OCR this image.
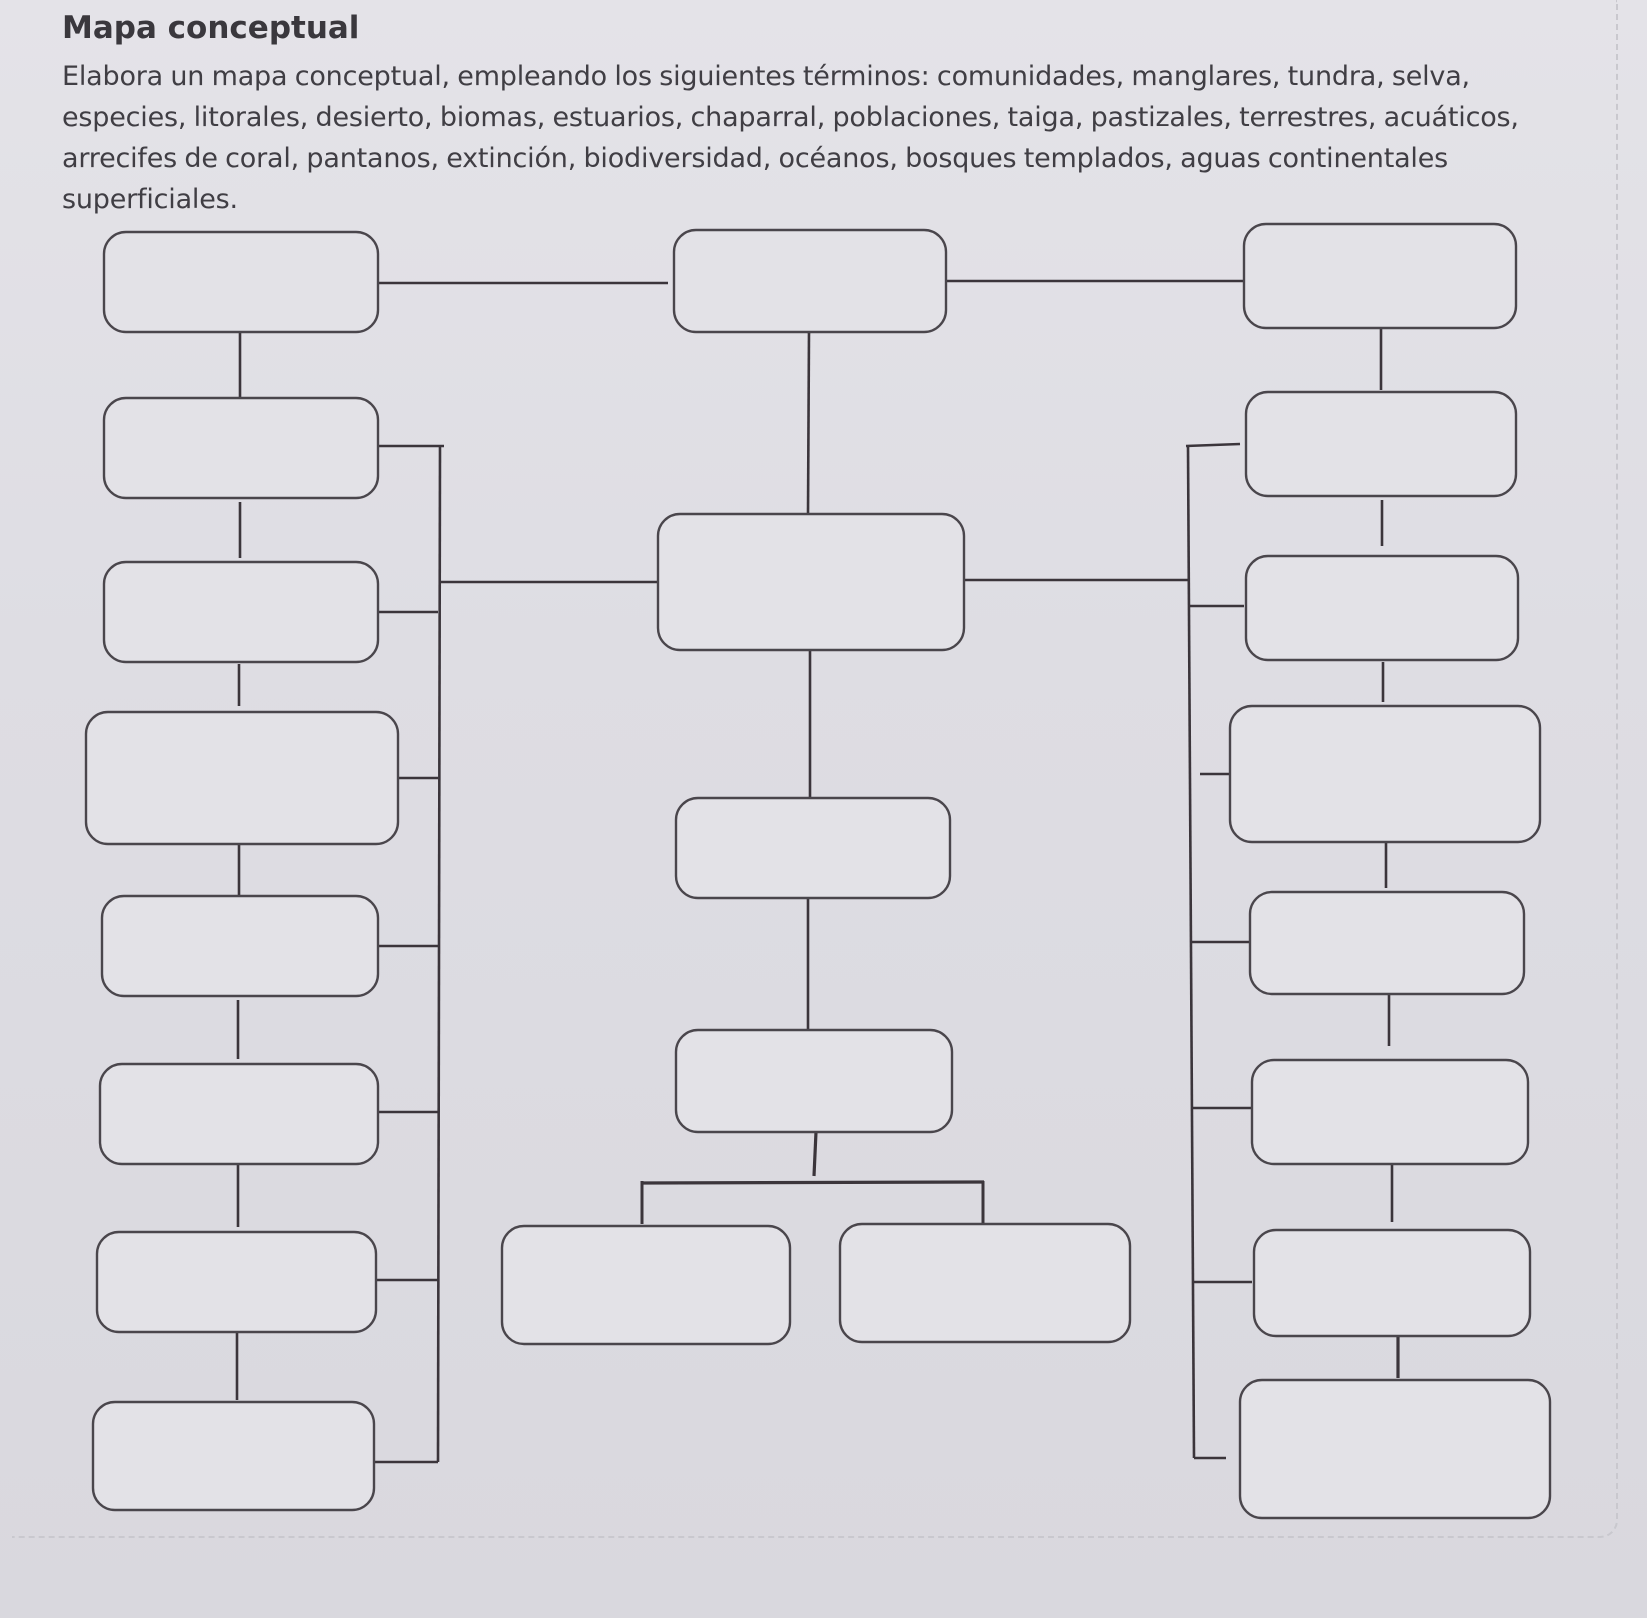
Mapa conceptual

Elabora un mapa conceptual, empleando los siguientes términos: comunidades, manglares, tundra, selva, especies, litorales, desierto, biomas, estuarios, chaparral, poblaciones, taiga, pastizales, terrestres, acuáticos, arrecifes de coral, pantanos, extinción, biodiversidad, océanos, bosques templados, aguas continentales superficiales.
